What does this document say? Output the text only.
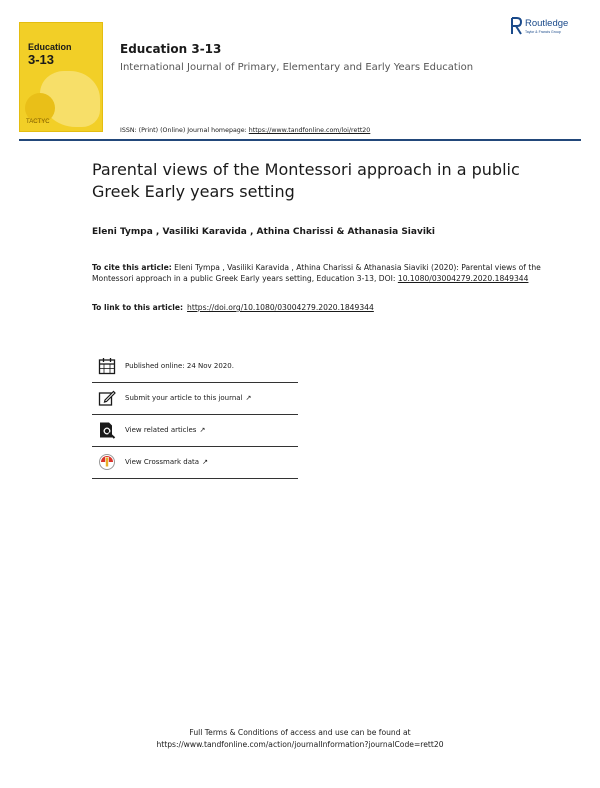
Education
3-13
TACTYC
Education 3-13
International Journal of Primary, Elementary and Early Years Education
ISSN: (Print) (Online) Journal homepage: https://www.tandfonline.com/loi/rett20
Routledge
Taylor & Francis Group
Parental views of the Montessori approach in a public Greek Early years setting
Eleni Tympa , Vasiliki Karavida , Athina Charissi & Athanasia Siaviki
To cite this article: Eleni Tympa , Vasiliki Karavida , Athina Charissi & Athanasia Siaviki (2020): Parental views of the Montessori approach in a public Greek Early years setting, Education 3-13, DOI: 10.1080/03004279.2020.1849344
To link to this article: https://doi.org/10.1080/03004279.2020.1849344
Published online: 24 Nov 2020.
Submit your article to this journal ↗
View related articles ↗
View Crossmark data ↗
Full Terms & Conditions of access and use can be found at
https://www.tandfonline.com/action/journalInformation?journalCode=rett20
